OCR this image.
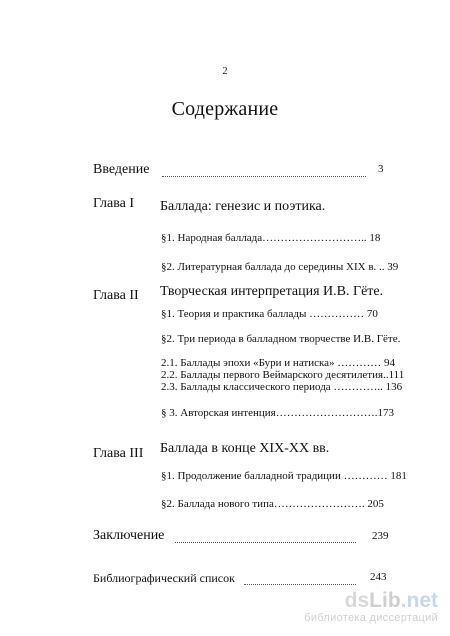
2
Содержание
Введение	3
Глава I Баллада: генезис и поэтика.
§1. Народная баллада……………………….. 18
§2. Литературная баллада до середины XIX в. .. 39
Глава II Творческая интерпретация И.В. Гёте.
§1. Теория и практика баллады …………… 70
§2. Три периода в балладном творчестве И.В. Гёте.
2.1. Баллады эпохи «Бури и натиска» ………… 94
2.2. Баллады первого Веймарского десятилетия..111
2.3. Баллады классического периода ………….. 136
§ 3. Авторская интенция……………………….173
Глава III Баллада в конце XIX-XX вв.
§1. Продолжение балладной традиции ………… 181
§2. Баллада нового типа……………………. 205
Заключение	239
Библиографический список	243
dsLib.net
библиотека диссертаций
